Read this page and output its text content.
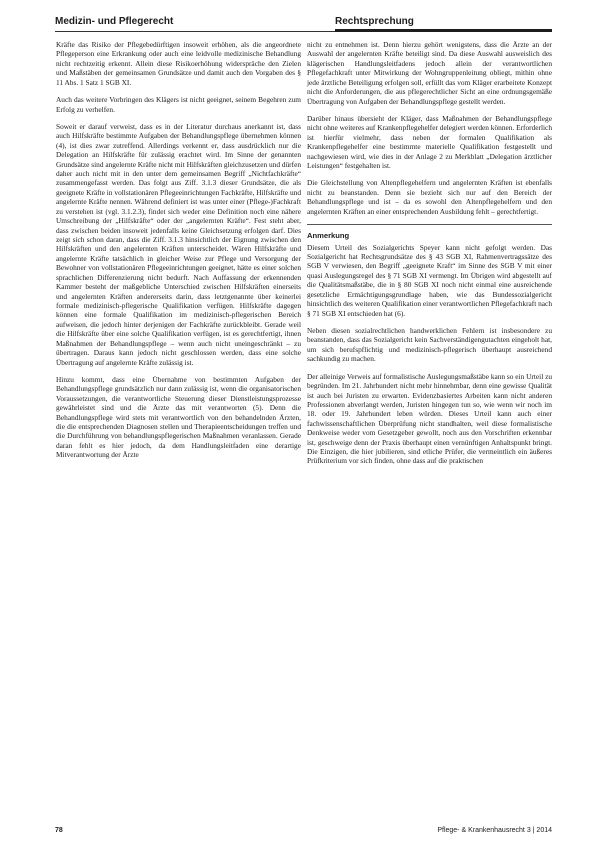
Medizin- und Pflegerecht	Rechtsprechung

Kräfte das Risiko der Pflegebedürftigen insoweit erhöhen, als die angeordnete Pflegeperson eine Erkrankung oder auch eine leidvolle medizinische Behandlung nicht rechtzeitig erkennt. Allein diese Risikoerhöhung widerspräche den Zielen und Maßstäben der gemeinsamen Grundsätze und damit auch den Vorgaben des § 11 Abs. 1 Satz 1 SGB XI.

Auch das weitere Vorbringen des Klägers ist nicht geeignet, seinem Begehren zum Erfolg zu verhelfen.

Soweit er darauf verweist, dass es in der Literatur durchaus anerkannt ist, dass auch Hilfskräfte bestimmte Aufgaben der Behandlungspflege übernehmen können (4), ist dies zwar zutreffend. Allerdings verkennt er, dass ausdrücklich nur die Delegation an Hilfskräfte für zulässig erachtet wird. Im Sinne der genannten Grundsätze sind angelernte Kräfte nicht mit Hilfskräften gleichzusetzen und dürfen daher auch nicht mit in den unter dem gemeinsamen Begriff „Nichtfachkräfte“ zusammengefasst werden. Das folgt aus Ziff. 3.1.3 dieser Grundsätze, die als geeignete Kräfte in vollstationären Pflegeeinrichtungen Fachkräfte, Hilfskräfte und angelernte Kräfte nennen. Während definiert ist was unter einer (Pflege-)Fachkraft zu verstehen ist (vgl. 3.1.2.3), findet sich weder eine Definition noch eine nähere Umschreibung der „Hilfskräfte“ oder der „angelernten Kräfte“. Fest steht aber, dass zwischen beiden insoweit jedenfalls keine Gleichsetzung erfolgen darf. Dies zeigt sich schon daran, dass die Ziff. 3.1.3 hinsichtlich der Eignung zwischen den Hilfskräften und den angelernten Kräften unterscheidet. Wären Hilfskräfte und angelernte Kräfte tatsächlich in gleicher Weise zur Pflege und Versorgung der Bewohner von vollstationären Pflegeeinrichtungen geeignet, hätte es einer solchen sprachlichen Differenzierung nicht bedurft. Nach Auffassung der erkennenden Kammer besteht der maßgebliche Unterschied zwischen Hilfskräften einerseits und angelernten Kräften andererseits darin, dass letztgenannte über keinerlei formale medizinisch-pflegerische Qualifikation verfügen. Hilfskräfte dagegen können eine formale Qualifikation im medizinisch-pflegerischen Bereich aufweisen, die jedoch hinter derjenigen der Fachkräfte zurückbleibt. Gerade weil die Hilfskräfte über eine solche Qualifikation verfügen, ist es gerechtfertigt, ihnen Maßnahmen der Behandlungspflege – wenn auch nicht uneingeschränkt – zu übertragen. Daraus kann jedoch nicht geschlossen werden, dass eine solche Übertragung auf angelernte Kräfte zulässig ist.

Hinzu kommt, dass eine Übernahme von bestimmten Aufgaben der Behandlungspflege grundsätzlich nur dann zulässig ist, wenn die organisatorischen Voraussetzungen, die verantwortliche Steuerung dieser Dienstleistungsprozesse gewährleistet sind und die Ärzte das mit verantworten (5). Denn die Behandlungspflege wird stets mit verantwortlich von den behandelnden Ärzten, die die entsprechenden Diagnosen stellen und Therapieentscheidungen treffen und die Durchführung von behandlungspflegerischen Maßnahmen veranlassen. Gerade daran fehlt es hier jedoch, da dem Handlungsleitfaden eine derartige Mitverantwortung der Ärzte

nicht zu entnehmen ist. Denn hierzu gehört wenigstens, dass die Ärzte an der Auswahl der angelernten Kräfte beteiligt sind. Da diese Auswahl ausweislich des klägerischen Handlungsleitfadens jedoch allein der verantwortlichen Pflegefachkraft unter Mitwirkung der Wohngruppenleitung obliegt, mithin ohne jede ärztliche Beteiligung erfolgen soll, erfüllt das vom Kläger erarbeitete Konzept nicht die Anforderungen, die aus pflegerechtlicher Sicht an eine ordnungsgemäße Übertragung von Aufgaben der Behandlungspflege gestellt werden.

Darüber hinaus übersieht der Kläger, dass Maßnahmen der Behandlungspflege nicht ohne weiteres auf Krankenpflegehelfer delegiert werden können. Erforderlich ist hierfür vielmehr, dass neben der formalen Qualifikation als Krankenpflegehelfer eine bestimmte materielle Qualifikation festgestellt und nachgewiesen wird, wie dies in der Anlage 2 zu Merkblatt „Delegation ärztlicher Leistungen“ festgehalten ist.

Die Gleichstellung von Altenpflegehelfern und angelernten Kräften ist ebenfalls nicht zu beanstanden. Denn sie bezieht sich nur auf den Bereich der Behandlungspflege und ist – da es sowohl den Altenpflegehelfern und den angelernten Kräften an einer entsprechenden Ausbildung fehlt – gerechtfertigt.

Anmerkung

Diesem Urteil des Sozialgerichts Speyer kann nicht gefolgt werden. Das Sozialgericht hat Rechtsgrundsätze des § 43 SGB XI, Rahmenvertragssätze des SGB V verwiesen, den Begriff „geeignete Kraft“ im Sinne des SGB V mit einer quasi Auslegungsregel des § 71 SGB XI vermengt. Im Übrigen wird abgestellt auf die Qualitätsmaßstäbe, die in § 80 SGB XI noch nicht einmal eine ausreichende gesetzliche Ermächtigungsgrundlage haben, wie das Bundessozialgericht hinsichtlich des weiteren Qualifikation einer verantwortlichen Pflegefachkraft nach § 71 SGB XI entschieden hat (6).

Neben diesen sozialrechtlichen handwerklichen Fehlern ist insbesondere zu beanstanden, dass das Sozialgericht kein Sachverständigengutachten eingeholt hat, um sich berufspflichtig und medizinisch-pflegerisch überhaupt ausreichend sachkundig zu machen.

Der alleinige Verweis auf formalistische Auslegungsmaßstäbe kann so ein Urteil zu begründen. Im 21. Jahrhundert nicht mehr hinnehmbar, denn eine gewisse Qualität ist auch bei Juristen zu erwarten. Evidenzbasiertes Arbeiten kann nicht anderen Professionen abverlangt werden, Juristen hingegen tun so, wie wenn wir noch im 18. oder 19. Jahrhundert leben würden. Dieses Urteil kann auch einer fachwissenschaftlichen Überprüfung nicht standhalten, weil diese formalistische Denkweise weder vom Gesetzgeber gewollt, noch aus den Vorschriften erkennbar ist, geschweige denn der Praxis überhaupt einen vernünftigen Anhaltspunkt bringt. Die Einzigen, die hier jubilieren, sind etliche Prüfer, die vermeintlich ein äußeres Prüfkriterium vor sich finden, ohne dass auf die praktischen

78	Pflege- & Krankenhausrecht 3 | 2014
